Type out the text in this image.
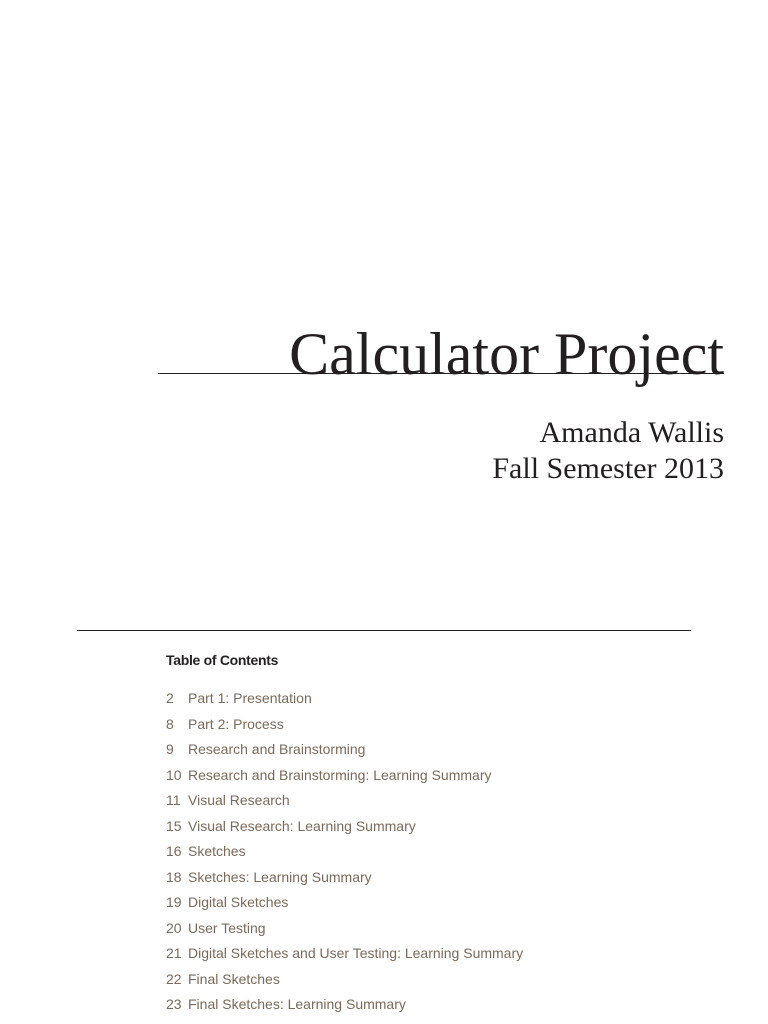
Calculator Project

Amanda Wallis

Fall Semester 2013

Table of Contents
2 Part 1: Presentation
8 Part 2: Process
9 Research and Brainstorming
10 Research and Brainstorming: Learning Summary
11 Visual Research
15 Visual Research: Learning Summary
16 Sketches
18 Sketches: Learning Summary
19 Digital Sketches
20 User Testing
21 Digital Sketches and User Testing: Learning Summary
22 Final Sketches
23 Final Sketches: Learning Summary
